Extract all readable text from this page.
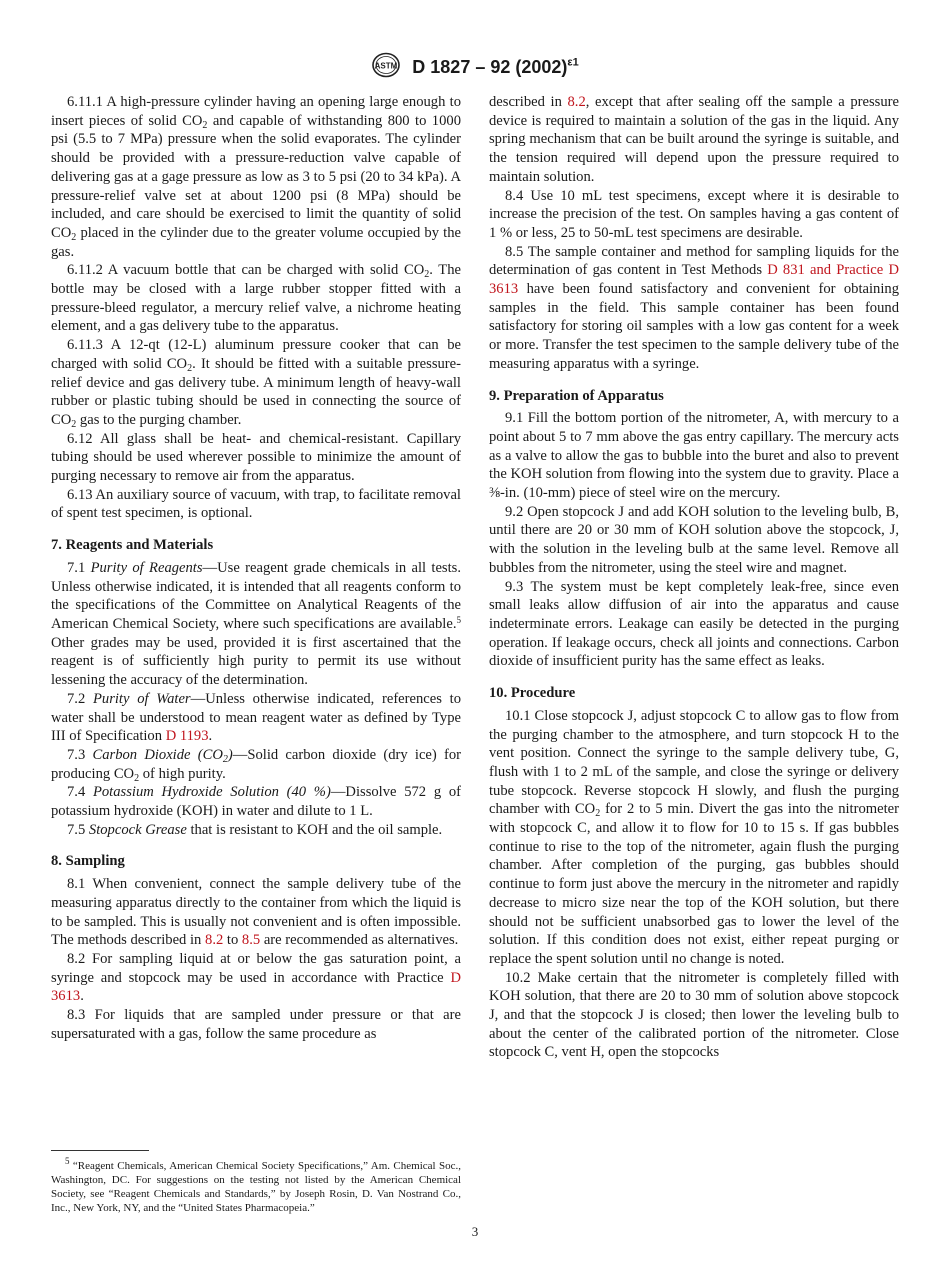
ASTM D 1827 – 92 $(2002)^{\varepsilon 1}$

6.11.1 A high-pressure cylinder having an opening large enough to insert pieces of solid $CO_2$ and capable of withstanding 800 to 1000 psi (5.5 to 7 MPa) pressure when the solid evaporates. The cylinder should be provided with a pressure-reduction valve capable of delivering gas at a gage pressure as low as 3 to 5 psi (20 to 34 kPa). A pressure-relief valve set at about 1200 psi (8 MPa) should be included, and care should be exercised to limit the quantity of solid $CO_2$ placed in the cylinder due to the greater volume occupied by the gas.

6.11.2 A vacuum bottle that can be charged with solid $CO_2$. The bottle may be closed with a large rubber stopper fitted with a pressure-bleed regulator, a mercury relief valve, a nichrome heating element, and a gas delivery tube to the apparatus.

6.11.3 A 12-qt (12-L) aluminum pressure cooker that can be charged with solid $CO_2$. It should be fitted with a suitable pressure-relief device and gas delivery tube. A minimum length of heavy-wall rubber or plastic tubing should be used in connecting the source of $CO_2$ gas to the purging chamber.

6.12 All glass shall be heat- and chemical-resistant. Capillary tubing should be used wherever possible to minimize the amount of purging necessary to remove air from the apparatus.

6.13 An auxiliary source of vacuum, with trap, to facilitate removal of spent test specimen, is optional.

7. Reagents and Materials

7.1 Purity of Reagents—Use reagent grade chemicals in all tests. Unless otherwise indicated, it is intended that all reagents conform to the specifications of the Committee on Analytical Reagents of the American Chemical Society, where such specifications are available.$^5$ Other grades may be used, provided it is first ascertained that the reagent is of sufficiently high purity to permit its use without lessening the accuracy of the determination.

7.2 Purity of Water—Unless otherwise indicated, references to water shall be understood to mean reagent water as defined by Type III of Specification D 1193.

7.3 Carbon Dioxide $(CO_2)—Solid$ carbon dioxide (dry ice) for producing $CO_2$ of high purity.

7.4 Potassium Hydroxide Solution (40 %)—Dissolve 572 g of potassium hydroxide (KOH) in water and dilute to 1 L.

7.5 Stopcock Grease that is resistant to KOH and the oil sample.

8. Sampling

8.1 When convenient, connect the sample delivery tube of the measuring apparatus directly to the container from which the liquid is to be sampled. This is usually not convenient and is often impossible. The methods described in 8.2 to 8.5 are recommended as alternatives.

8.2 For sampling liquid at or below the gas saturation point, a syringe and stopcock may be used in accordance with Practice D 3613.

8.3 For liquids that are sampled under pressure or that are supersaturated with a gas, follow the same procedure as

described in 8.2, except that after sealing off the sample a pressure device is required to maintain a solution of the gas in the liquid. Any spring mechanism that can be built around the syringe is suitable, and the tension required will depend upon the pressure required to maintain solution.

8.4 Use 10 mL test specimens, except where it is desirable to increase the precision of the test. On samples having a gas content of 1 % or less, 25 to 50-mL test specimens are desirable.

8.5 The sample container and method for sampling liquids for the determination of gas content in Test Methods D 831 and Practice D 3613 have been found satisfactory and convenient for obtaining samples in the field. This sample container has been found satisfactory for storing oil samples with a low gas content for a week or more. Transfer the test specimen to the sample delivery tube of the measuring apparatus with a syringe.

9. Preparation of Apparatus

9.1 Fill the bottom portion of the nitrometer, A, with mercury to a point about 5 to 7 mm above the gas entry capillary. The mercury acts as a valve to allow the gas to bubble into the buret and also to prevent the KOH solution from flowing into the system due to gravity. Place a ⅜-in. (10-mm) piece of steel wire on the mercury.

9.2 Open stopcock J and add KOH solution to the leveling bulb, B, until there are 20 or 30 mm of KOH solution above the stopcock, J, with the solution in the leveling bulb at the same level. Remove all bubbles from the nitrometer, using the steel wire and magnet.

9.3 The system must be kept completely leak-free, since even small leaks allow diffusion of air into the apparatus and cause indeterminate errors. Leakage can easily be detected in the purging operation. If leakage occurs, check all joints and connections. Carbon dioxide of insufficient purity has the same effect as leaks.

10. Procedure

10.1 Close stopcock J, adjust stopcock C to allow gas to flow from the purging chamber to the atmosphere, and turn stopcock H to the vent position. Connect the syringe to the sample delivery tube, G, flush with 1 to 2 mL of the sample, and close the syringe or delivery tube stopcock. Reverse stopcock H slowly, and flush the purging chamber with $CO_2$ for 2 to 5 min. Divert the gas into the nitrometer with stopcock C, and allow it to flow for 10 to 15 s. If gas bubbles continue to rise to the top of the nitrometer, again flush the purging chamber. After completion of the purging, gas bubbles should continue to form just above the mercury in the nitrometer and rapidly decrease to micro size near the top of the KOH solution, but there should not be sufficient unabsorbed gas to lower the level of the solution. If this condition does not exist, either repeat purging or replace the spent solution until no change is noted.

10.2 Make certain that the nitrometer is completely filled with KOH solution, that there are 20 to 30 mm of solution above stopcock J, and that the stopcock J is closed; then lower the leveling bulb to about the center of the calibrated portion of the nitrometer. Close stopcock C, vent H, open the stopcocks

$^5$ “Reagent Chemicals, American Chemical Society Specifications,” Am. Chemical Soc., Washington, DC. For suggestions on the testing not listed by the American Chemical Society, see “Reagent Chemicals and Standards,” by Joseph Rosin, D. Van Nostrand Co., Inc., New York, NY, and the “United States Pharmacopeia.”

3
